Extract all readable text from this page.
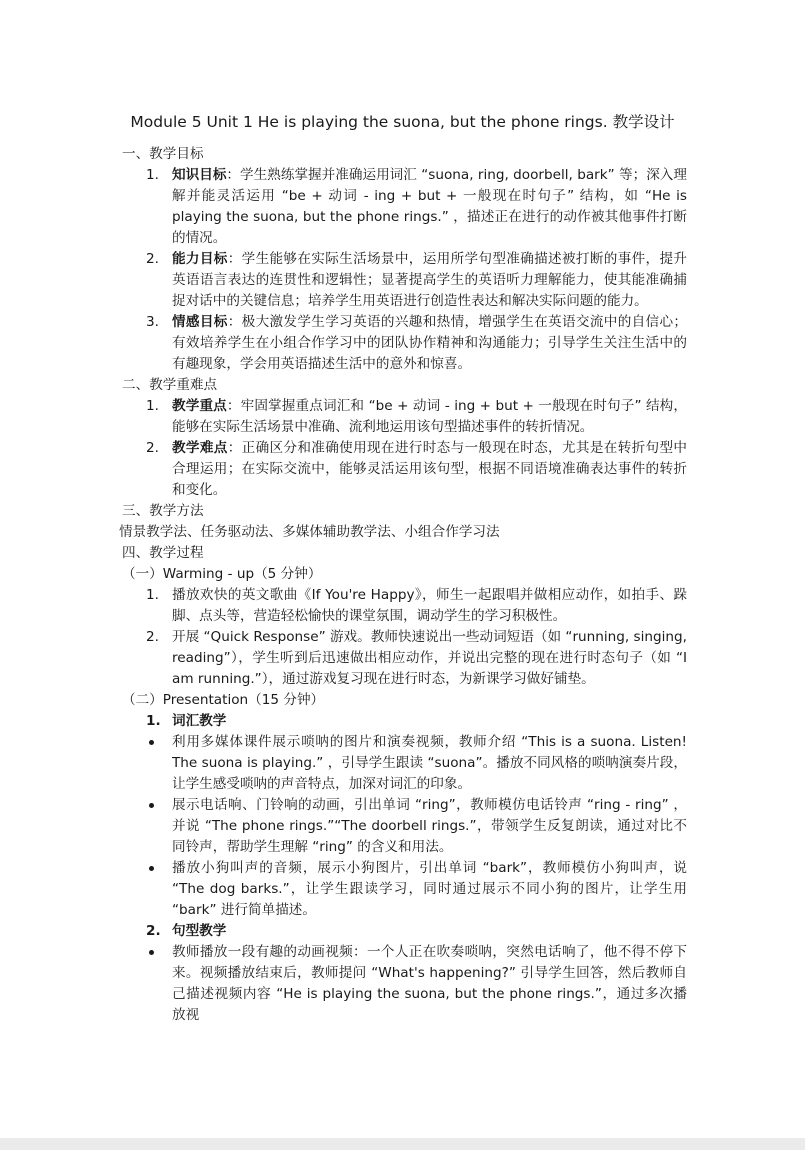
Module 5 Unit 1 He is playing the suona, but the phone rings. 教学设计

一、教学目标

1. 知识目标：学生熟练掌握并准确运用词汇 “suona, ring, doorbell, bark” 等；深入理解并能灵活运用 “be + 动词 - ing + but + 一般现在时句子” 结构，如 “He is playing the suona, but the phone rings.” ，描述正在进行的动作被其他事件打断的情况。
2. 能力目标：学生能够在实际生活场景中，运用所学句型准确描述被打断的事件，提升英语语言表达的连贯性和逻辑性；显著提高学生的英语听力理解能力，使其能准确捕捉对话中的关键信息；培养学生用英语进行创造性表达和解决实际问题的能力。
3. 情感目标：极大激发学生学习英语的兴趣和热情，增强学生在英语交流中的自信心；有效培养学生在小组合作学习中的团队协作精神和沟通能力；引导学生关注生活中的有趣现象，学会用英语描述生活中的意外和惊喜。

二、教学重难点

1. 教学重点：牢固掌握重点词汇和 “be + 动词 - ing + but + 一般现在时句子” 结构，能够在实际生活场景中准确、流利地运用该句型描述事件的转折情况。
2. 教学难点：正确区分和准确使用现在进行时态与一般现在时态，尤其是在转折句型中合理运用；在实际交流中，能够灵活运用该句型，根据不同语境准确表达事件的转折和变化。

三、教学方法

情景教学法、任务驱动法、多媒体辅助教学法、小组合作学习法

四、教学过程

（一）Warming - up（5 分钟）

1. 播放欢快的英文歌曲《If You're Happy》，师生一起跟唱并做相应动作，如拍手、跺脚、点头等，营造轻松愉快的课堂氛围，调动学生的学习积极性。
2. 开展 “Quick Response” 游戏。教师快速说出一些动词短语（如 “running, singing, reading”），学生听到后迅速做出相应动作，并说出完整的现在进行时态句子（如 “I am running.”），通过游戏复习现在进行时态，为新课学习做好铺垫。

（二）Presentation（15 分钟）

1. 词汇教学
利用多媒体课件展示唢呐的图片和演奏视频，教师介绍 “This is a suona. Listen! The suona is playing.” ，引导学生跟读 “suona”。播放不同风格的唢呐演奏片段，让学生感受唢呐的声音特点，加深对词汇的印象。
展示电话响、门铃响的动画，引出单词 “ring”，教师模仿电话铃声 “ring - ring” ，并说 “The phone rings.”“The doorbell rings.”，带领学生反复朗读，通过对比不同铃声，帮助学生理解 “ring” 的含义和用法。
播放小狗叫声的音频，展示小狗图片，引出单词 “bark”，教师模仿小狗叫声，说 “The dog barks.”，让学生跟读学习，同时通过展示不同小狗的图片，让学生用 “bark” 进行简单描述。
2. 句型教学
教师播放一段有趣的动画视频：一个人正在吹奏唢呐，突然电话响了，他不得不停下来。视频播放结束后，教师提问 “What's happening?” 引导学生回答，然后教师自己描述视频内容 “He is playing the suona, but the phone rings.”，通过多次播放视
